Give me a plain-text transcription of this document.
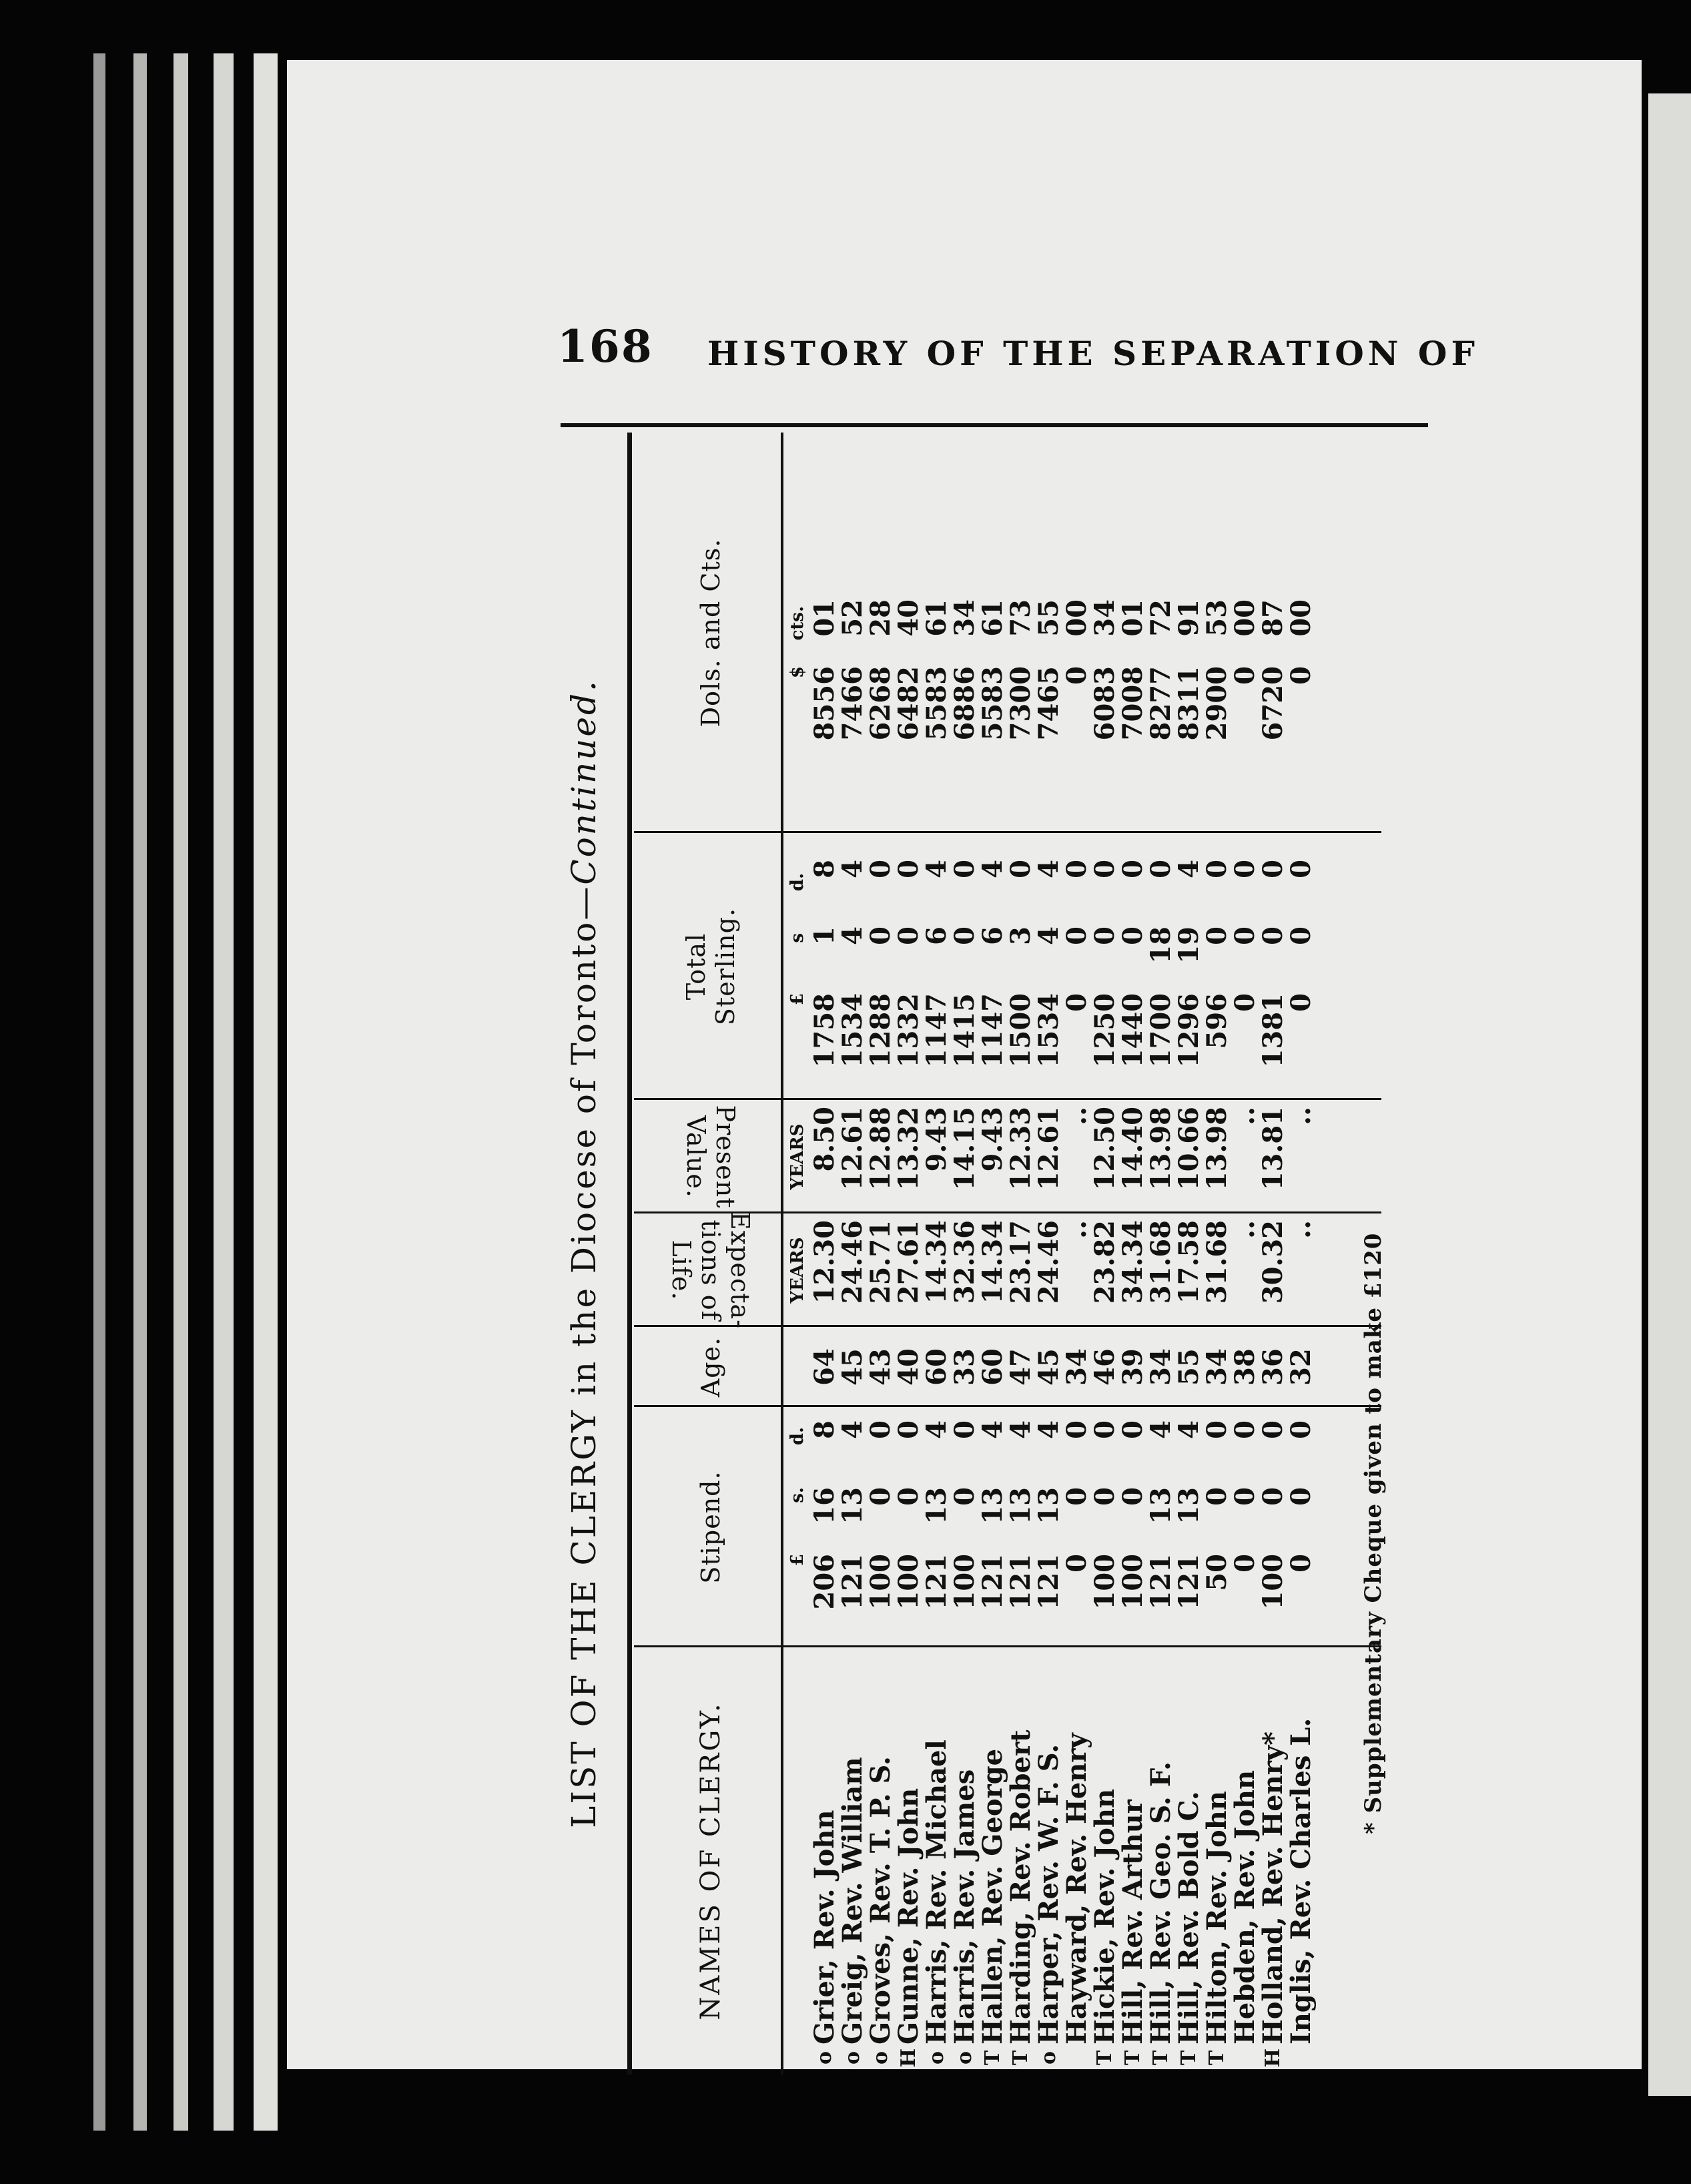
168 HISTORY OF THE SEPARATION OF
LIST OF THE CLERGY in the Diocese of Toronto—Continued.
NAMES OF CLERGY.
Stipend.
Age.
Expecta-
tions of
Life.
Present
Value.
Total Sterling.
Dols. and Cts.
£
s.
d.
YEARS
YEARS
£
s
d.
$
cts.
o
Grier, Rev. John
206
16
8
64
12.30
8.50
1758
1
8
8556
01
o
Greig, Rev. William
121
13
4
45
24.46
12.61
1534
4
4
7466
52
o
Groves, Rev. T. P. S.
100
0
0
43
25.71
12.88
1288
0
0
6268
28
H
Gunne, Rev. John
100
0
0
40
27.61
13.32
1332
0
0
6482
40
o
Harris, Rev. Michael
121
13
4
60
14.34
9.43
1147
6
4
5583
61
o
Harris, Rev. James
100
0
0
33
32.36
14.15
1415
0
0
6886
34
T
Hallen, Rev. George
121
13
4
60
14.34
9.43
1147
6
4
5583
61
T
Harding, Rev. Robert
121
13
4
47
23.17
12.33
1500
3
0
7300
73
o
Harper, Rev. W. F. S.
121
13
4
45
24.46
12.61
1534
4
4
7465
55
Hayward, Rev. Henry
0
0
0
34
..
..
0
0
0
0
00
T
Hickie, Rev. John
100
0
0
46
23.82
12.50
1250
0
0
6083
34
T
Hill, Rev. Arthur
100
0
0
39
34.34
14.40
1440
0
0
7008
01
T
Hill, Rev. Geo. S. F.
121
13
4
34
31.68
13.98
1700
18
0
8277
72
T
Hill, Rev. Bold C.
121
13
4
55
17.58
10.66
1296
19
4
8311
91
T
Hilton, Rev. John
50
0
0
34
31.68
13.98
596
0
0
2900
53
Hebden, Rev. John
0
0
0
38
..
..
0
0
0
0
00
H
Holland, Rev. Henry*
100
0
0
36
30.32
13.81
1381
0
0
6720
87
Inglis, Rev. Charles L.
0
0
0
32
..
..
0
0
0
0
00
* Supplementary Cheque given to make £120
